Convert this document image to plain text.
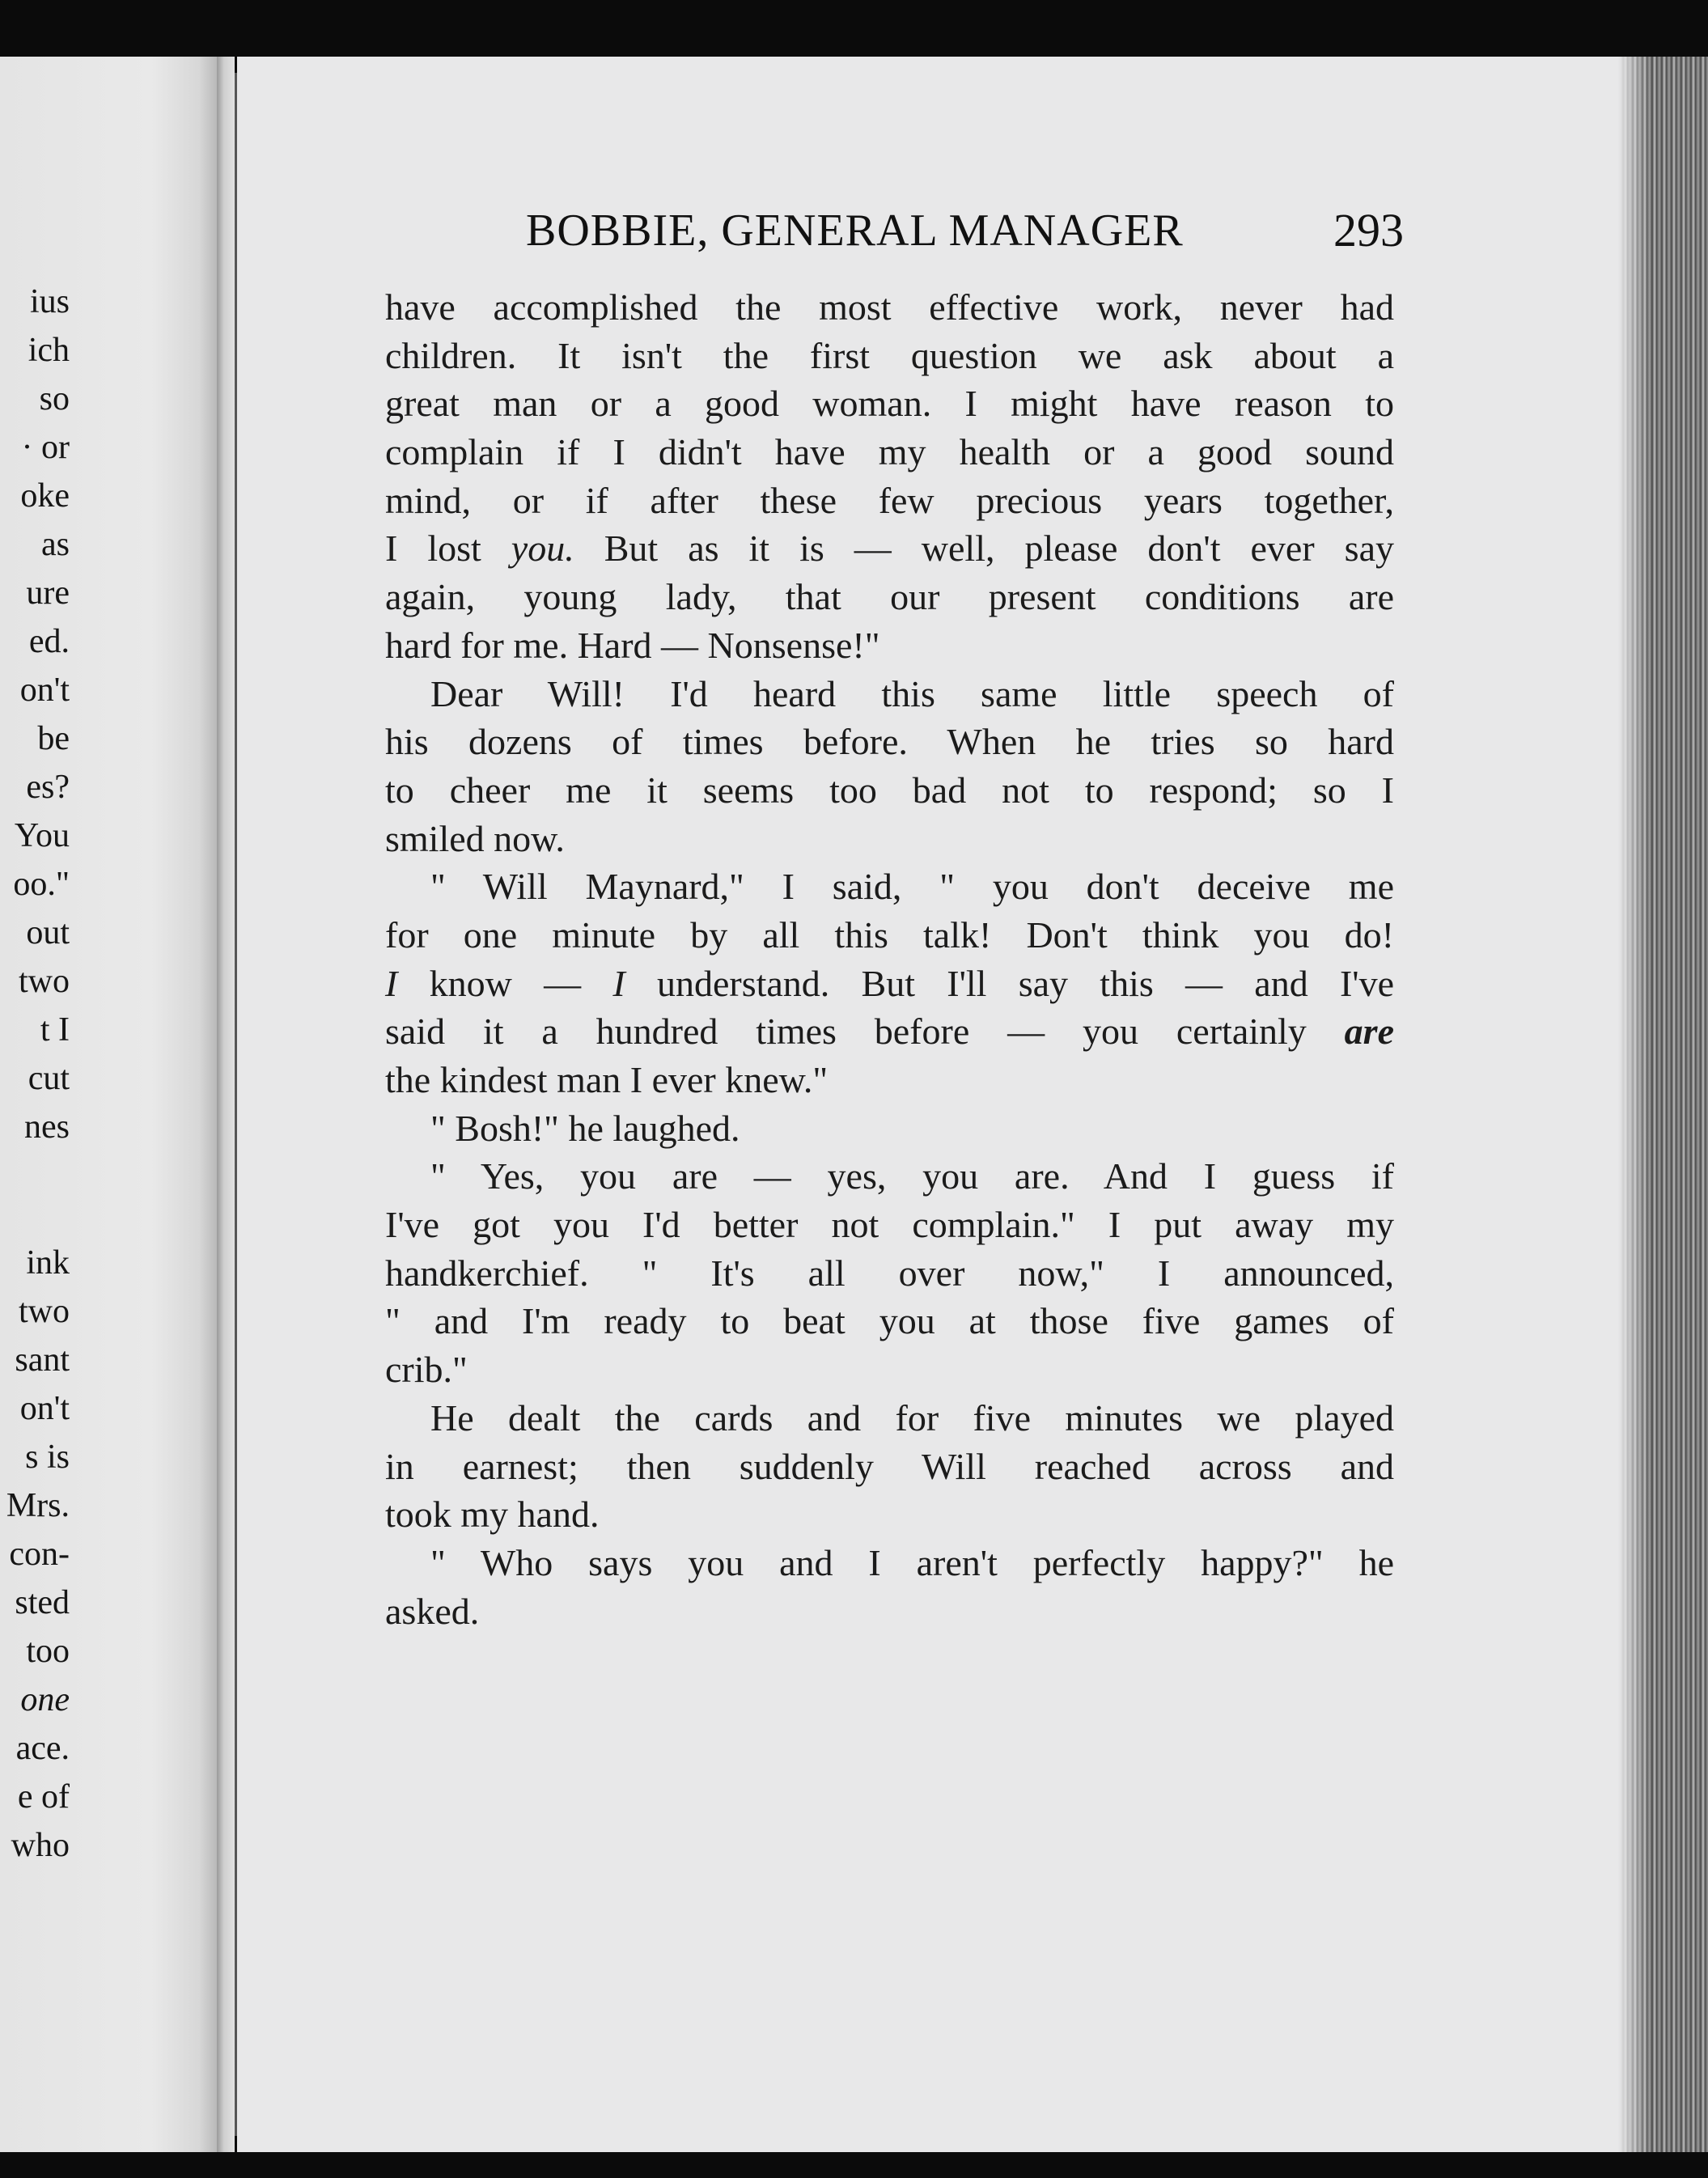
ius
ich
so
· or
oke
as
ure
ed.
on't
be
es?
You
oo."
out
two
t I
cut
nes
ink
two
sant
on't
s is
Mrs.
con-
sted
too
one
ace.
e of
who
BOBBIE, GENERAL MANAGER	293
have accomplished the most effective work, never had
children. It isn't the first question we ask about a
great man or a good woman. I might have reason to
complain if I didn't have my health or a good sound
mind, or if after these few precious years together,
I lost you. But as it is — well, please don't ever say
again, young lady, that our present conditions are
hard for me. Hard — Nonsense!"
Dear Will! I'd heard this same little speech of
his dozens of times before. When he tries so hard
to cheer me it seems too bad not to respond; so I
smiled now.
" Will Maynard," I said, " you don't deceive me
for one minute by all this talk! Don't think you do!
I know — I understand. But I'll say this — and I've
said it a hundred times before — you certainly are
the kindest man I ever knew."
" Bosh!" he laughed.
" Yes, you are — yes, you are. And I guess if
I've got you I'd better not complain." I put away my
handkerchief. " It's all over now," I announced,
" and I'm ready to beat you at those five games of
crib."
He dealt the cards and for five minutes we played
in earnest; then suddenly Will reached across and
took my hand.
" Who says you and I aren't perfectly happy?" he
asked.
